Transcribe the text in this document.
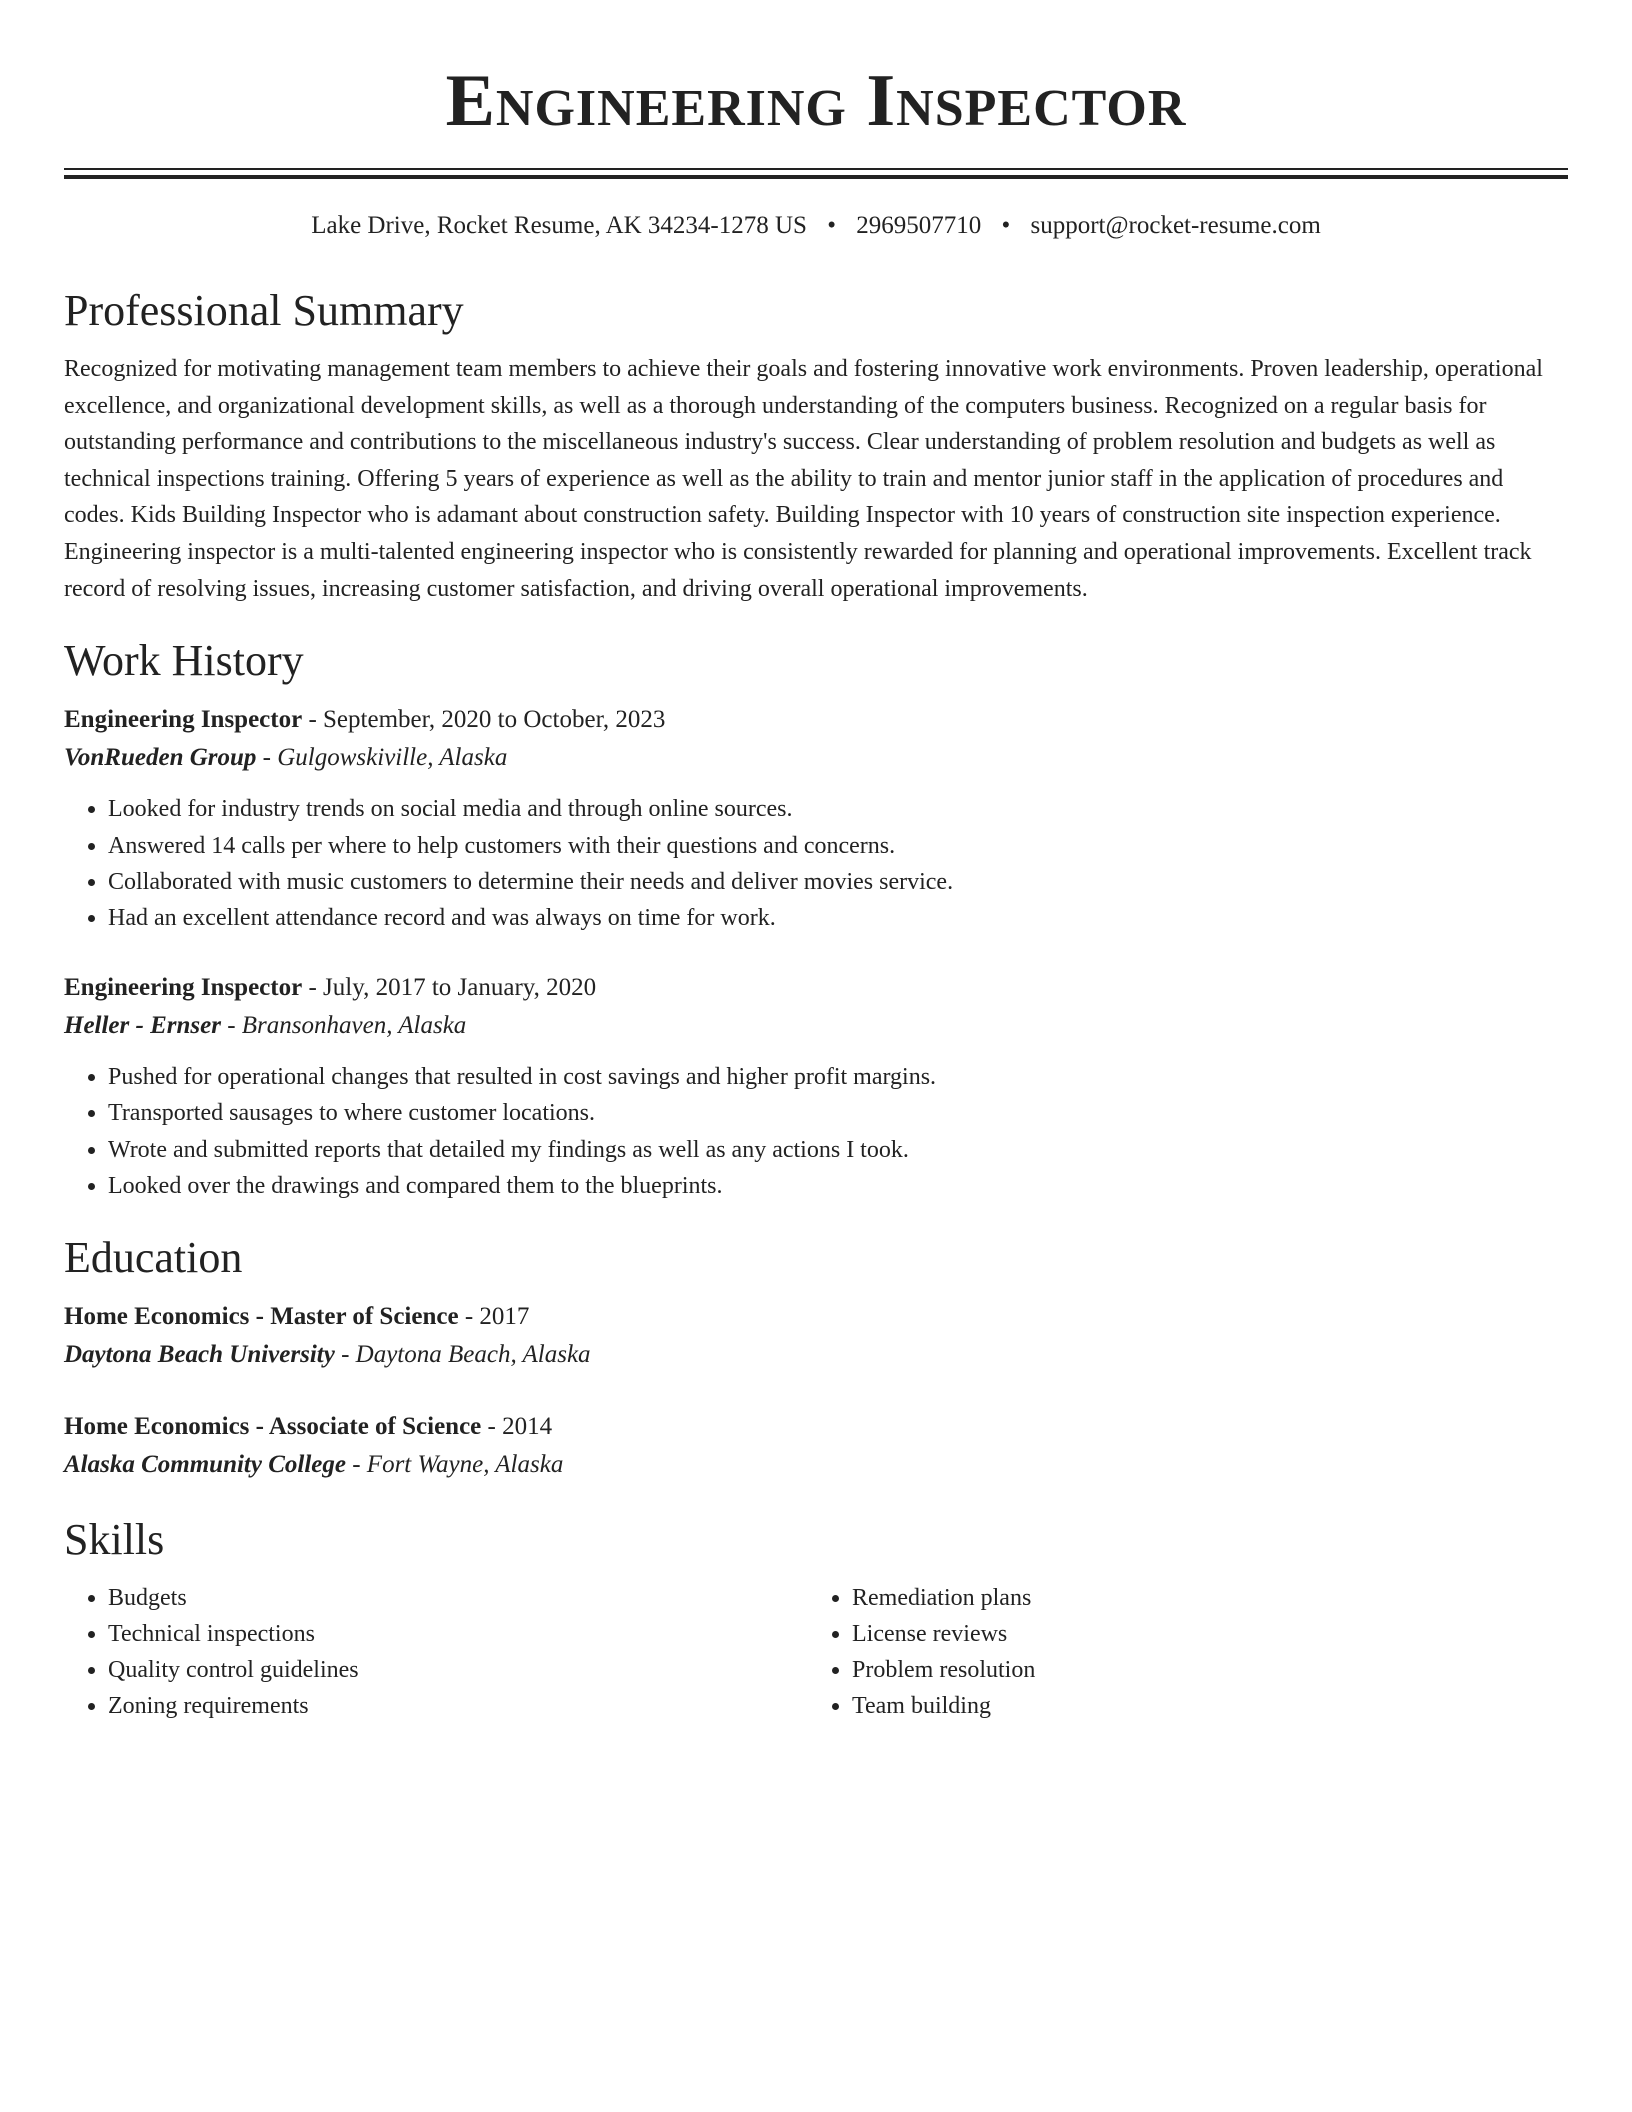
Engineering Inspector
Lake Drive, Rocket Resume, AK 34234-1278 US • 2969507710 • support@rocket-resume.com
Professional Summary

Recognized for motivating management team members to achieve their goals and fostering innovative work environments. Proven leadership, operational excellence, and organizational development skills, as well as a thorough understanding of the computers business. Recognized on a regular basis for outstanding performance and contributions to the miscellaneous industry's success. Clear understanding of problem resolution and budgets as well as technical inspections training. Offering 5 years of experience as well as the ability to train and mentor junior staff in the application of procedures and codes. Kids Building Inspector who is adamant about construction safety. Building Inspector with 10 years of construction site inspection experience. Engineering inspector is a multi-talented engineering inspector who is consistently rewarded for planning and operational improvements. Excellent track record of resolving issues, increasing customer satisfaction, and driving overall operational improvements.

Work History
Engineering Inspector - September, 2020 to October, 2023
VonRueden Group - Gulgowskiville, Alaska
• Looked for industry trends on social media and through online sources.
• Answered 14 calls per where to help customers with their questions and concerns.
• Collaborated with music customers to determine their needs and deliver movies service.
• Had an excellent attendance record and was always on time for work.
Engineering Inspector - July, 2017 to January, 2020
Heller - Ernser - Bransonhaven, Alaska
• Pushed for operational changes that resulted in cost savings and higher profit margins.
• Transported sausages to where customer locations.
• Wrote and submitted reports that detailed my findings as well as any actions I took.
• Looked over the drawings and compared them to the blueprints.
Education
Home Economics - Master of Science - 2017
Daytona Beach University - Daytona Beach, Alaska
Home Economics - Associate of Science - 2014
Alaska Community College - Fort Wayne, Alaska
Skills
• Budgets
• Technical inspections
• Quality control guidelines
• Zoning requirements
• Remediation plans
• License reviews
• Problem resolution
• Team building
